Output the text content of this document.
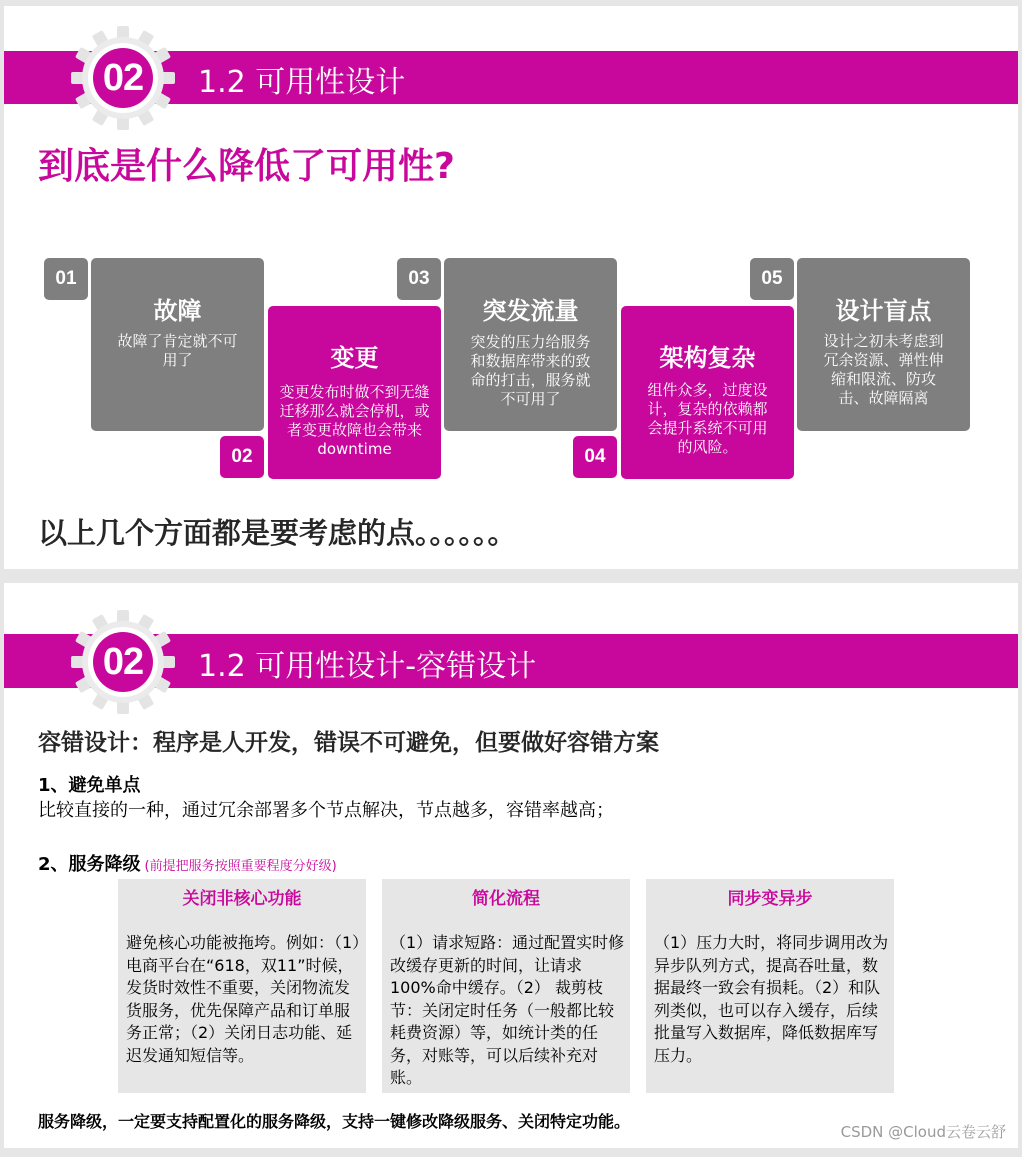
1.2 可用性设计
02
到底是什么降低了可用性?
01
02
03
04
05
故障
故障了肯定就不可用了	变更
变更发布时做不到无缝迁移那么就会停机，或者变更故障也会带来downtime
突发流量
突发的压力给服务和数据库带来的致命的打击，服务就不可用了
架构复杂
组件众多，过度设计，复杂的依赖都会提升系统不可用的风险。
设计盲点
设计之初未考虑到冗余资源、弹性伸缩和限流、防攻击、故障隔离
以上几个方面都是要考虑的点。。。。。。
1.2 可用性设计-容错设计
02
容错设计：程序是人开发，错误不可避免，但要做好容错方案
1、避免单点
比较直接的一种，通过冗余部署多个节点解决，节点越多，容错率越高；
2、服务降级 (前提把服务按照重要程度分好级)
关闭非核心功能
避免核心功能被拖垮。例如：（1）电商平台在“618，双11”时候，发货时效性不重要，关闭物流发货服务，优先保障产品和订单服务正常；（2）关闭日志功能、延迟发通知短信等。
简化流程
（1）请求短路：通过配置实时修改缓存更新的时间，让请求100%命中缓存。（2） 裁剪枝节：关闭定时任务（一般都比较耗费资源）等，如统计类的任务，对账等，可以后续补充对账。
同步变异步
（1）压力大时，将同步调用改为异步队列方式，提高吞吐量，数据最终一致会有损耗。（2）和队列类似，也可以存入缓存，后续批量写入数据库，降低数据库写压力。
服务降级，一定要支持配置化的服务降级，支持一键修改降级服务、关闭特定功能。
CSDN @Cloud云卷云舒
